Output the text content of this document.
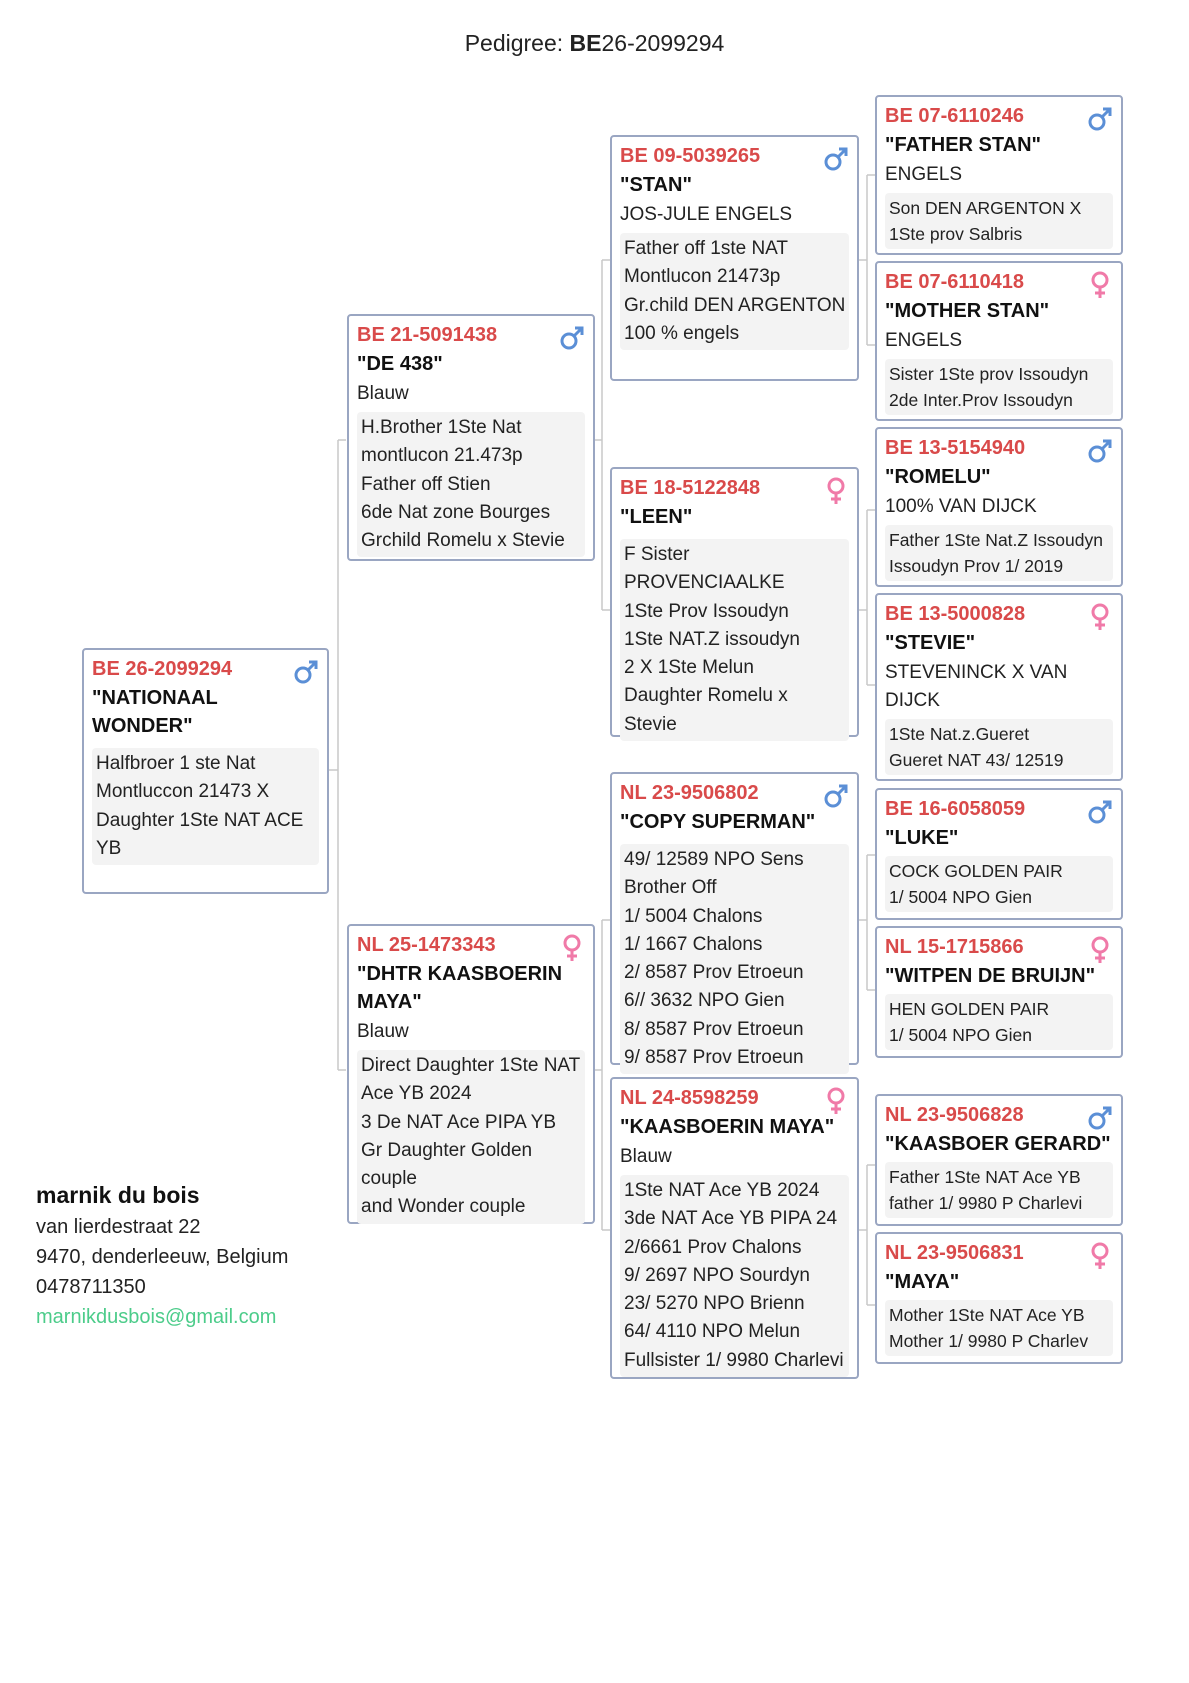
Pedigree: BE26-2099294
BE 26-2099294
"NATIONAAL WONDER"
Halfbroer 1 ste Nat
Montluccon 21473 X
Daughter 1Ste NAT ACE
YB
BE 21-5091438
"DE 438"
Blauw
H.Brother 1Ste Nat
montlucon 21.473p
Father off Stien
6de Nat zone Bourges
Grchild Romelu x Stevie
NL 25-1473343
"DHTR KAASBOERIN MAYA"
Blauw
Direct Daughter 1Ste NAT
Ace YB 2024
3 De NAT Ace PIPA YB
Gr Daughter Golden
couple
and Wonder couple
BE 09-5039265
"STAN"
JOS-JULE ENGELS
Father off 1ste NAT
Montlucon 21473p
Gr.child DEN ARGENTON
100 % engels
BE 18-5122848
"LEEN"
F Sister
PROVENCIAALKE
1Ste Prov Issoudyn
1Ste NAT.Z issoudyn
2 X 1Ste Melun
Daughter Romelu x
Stevie
NL 23-9506802
"COPY SUPERMAN"
49/ 12589 NPO Sens
Brother Off
1/ 5004 Chalons
1/ 1667 Chalons
2/ 8587 Prov Etroeun
6// 3632 NPO Gien
8/ 8587 Prov Etroeun
9/ 8587 Prov Etroeun
NL 24-8598259
"KAASBOERIN MAYA"
Blauw
1Ste NAT Ace YB 2024
3de NAT Ace YB PIPA 24
2/6661 Prov Chalons
9/ 2697 NPO Sourdyn
23/ 5270 NPO Brienn
64/ 4110 NPO Melun
Fullsister 1/ 9980 Charlevi
BE 07-6110246
"FATHER STAN"
ENGELS
Son DEN ARGENTON X
1Ste prov Salbris
BE 07-6110418
"MOTHER STAN"
ENGELS
Sister 1Ste prov Issoudyn
2de Inter.Prov Issoudyn
BE 13-5154940
"ROMELU"
100% VAN DIJCK
Father 1Ste Nat.Z Issoudyn
Issoudyn Prov 1/ 2019
BE 13-5000828
"STEVIE"
STEVENINCK X VAN
DIJCK
1Ste Nat.z.Gueret
Gueret NAT 43/ 12519
BE 16-6058059
"LUKE"
COCK GOLDEN PAIR
1/ 5004 NPO Gien
NL 15-1715866
"WITPEN DE BRUIJN"
HEN GOLDEN PAIR
1/ 5004 NPO Gien
NL 23-9506828
"KAASBOER GERARD"
Father 1Ste NAT Ace YB
father 1/ 9980 P Charlevi
NL 23-9506831
"MAYA"
Mother 1Ste NAT Ace YB
Mother 1/ 9980 P Charlev
marnik du bois
van lierdestraat 22
9470, denderleeuw, Belgium
0478711350
marnikdusbois@gmail.com
